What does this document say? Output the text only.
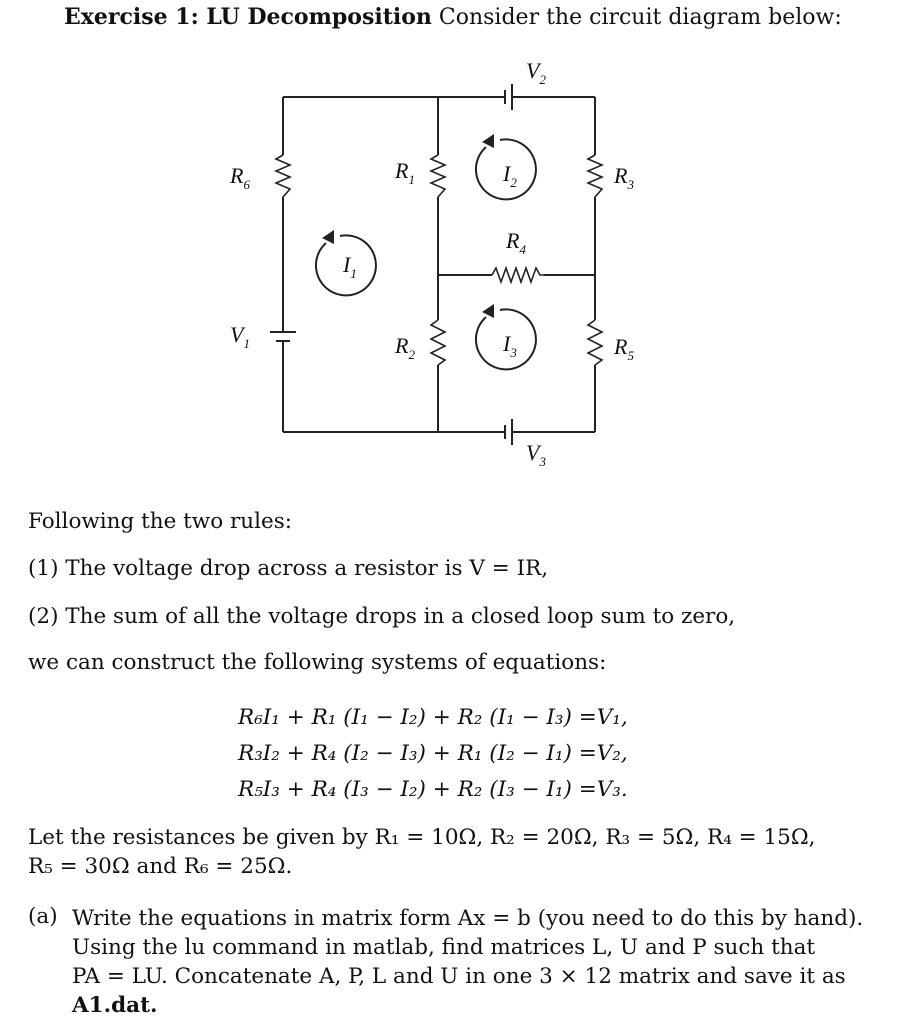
Exercise 1: LU Decomposition Consider the circuit diagram below:
$R_6$
$R_1$	$R_3$
$R_4$
$R_2$	$R_5$
$V_1$
$V_2$
$V_3$
$I_1$
$I_2$
$I_3$
Following the two rules:
(1) The voltage drop across a resistor is V = IR,
(2) The sum of all the voltage drops in a closed loop sum to zero,
we can construct the following systems of equations:
R₆I₁ + R₁ (I₁ − I₂) + R₂ (I₁ − I₃) =V₁,
R₃I₂ + R₄ (I₂ − I₃) + R₁ (I₂ − I₁) =V₂,
R₅I₃ + R₄ (I₃ − I₂) + R₂ (I₃ − I₁) =V₃.
Let the resistances be given by R₁ = 10Ω, R₂ = 20Ω, R₃ = 5Ω, R₄ = 15Ω,
R₅ = 30Ω and R₆ = 25Ω.
(a) Write the equations in matrix form Ax = b (you need to do this by hand).
Using the lu command in matlab, find matrices L, U and P such that
PA = LU. Concatenate A, P, L and U in one 3 × 12 matrix and save it as
A1.dat.
